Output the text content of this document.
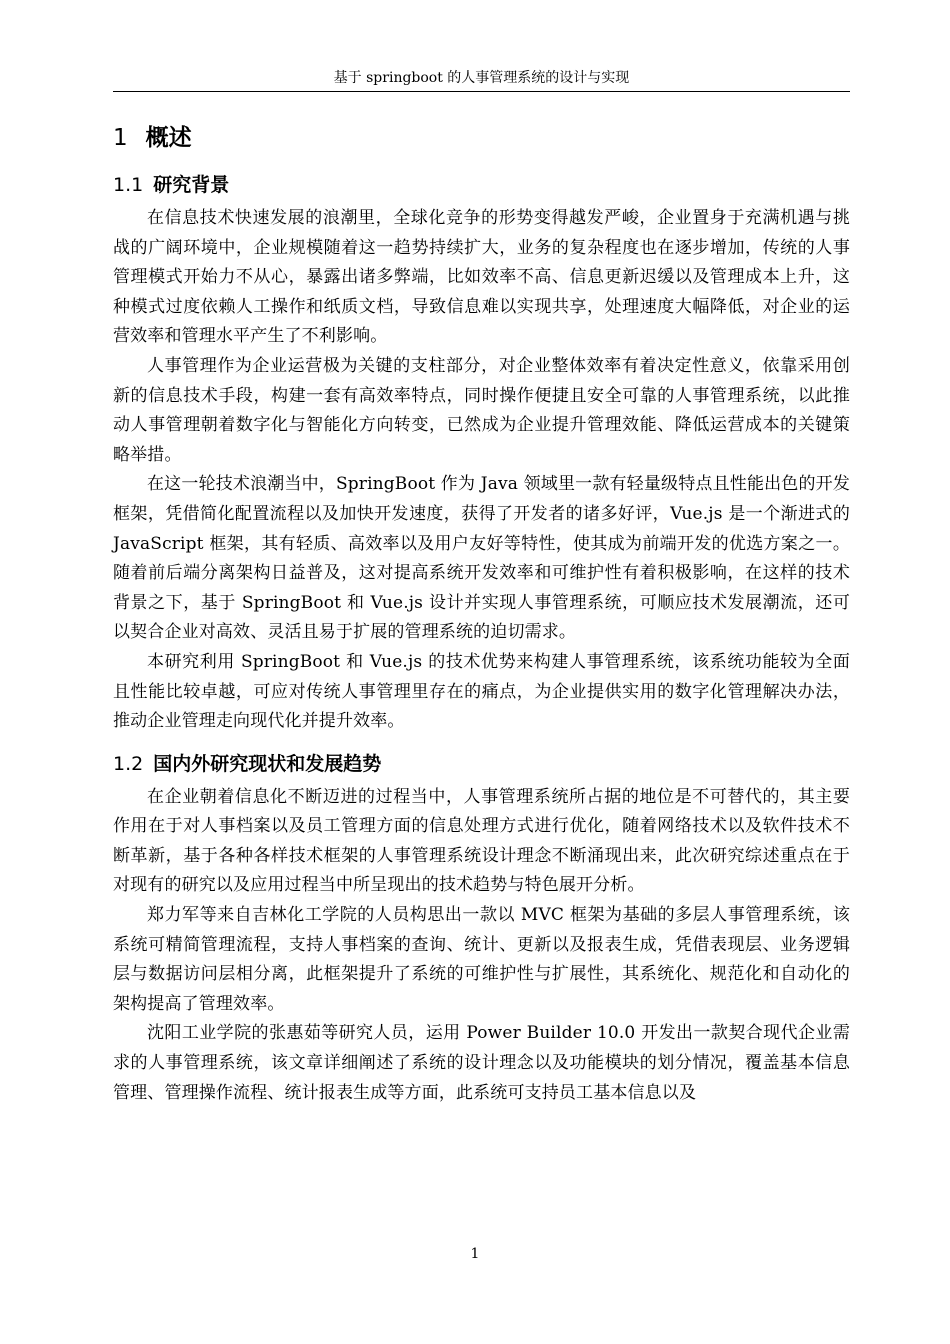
基于 springboot 的人事管理系统的设计与实现
1 概述
1.1 研究背景

在信息技术快速发展的浪潮里，全球化竞争的形势变得越发严峻，企业置身于充满机遇与挑战的广阔环境中，企业规模随着这一趋势持续扩大，业务的复杂程度也在逐步增加，传统的人事管理模式开始力不从心，暴露出诸多弊端，比如效率不高、信息更新迟缓以及管理成本上升，这种模式过度依赖人工操作和纸质文档，导致信息难以实现共享，处理速度大幅降低，对企业的运营效率和管理水平产生了不利影响。

人事管理作为企业运营极为关键的支柱部分，对企业整体效率有着决定性意义，依靠采用创新的信息技术手段，构建一套有高效率特点，同时操作便捷且安全可靠的人事管理系统，以此推动人事管理朝着数字化与智能化方向转变，已然成为企业提升管理效能、降低运营成本的关键策略举措。

在这一轮技术浪潮当中，SpringBoot 作为 Java 领域里一款有轻量级特点且性能出色的开发框架，凭借简化配置流程以及加快开发速度，获得了开发者的诸多好评，Vue.js 是一个渐进式的 JavaScript 框架，其有轻质、高效率以及用户友好等特性，使其成为前端开发的优选方案之一。随着前后端分离架构日益普及，这对提高系统开发效率和可维护性有着积极影响，在这样的技术背景之下，基于 SpringBoot 和 Vue.js 设计并实现人事管理系统，可顺应技术发展潮流，还可以契合企业对高效、灵活且易于扩展的管理系统的迫切需求。

本研究利用 SpringBoot 和 Vue.js 的技术优势来构建人事管理系统，该系统功能较为全面且性能比较卓越，可应对传统人事管理里存在的痛点，为企业提供实用的数字化管理解决办法，推动企业管理走向现代化并提升效率。

1.2 国内外研究现状和发展趋势

在企业朝着信息化不断迈进的过程当中，人事管理系统所占据的地位是不可替代的，其主要作用在于对人事档案以及员工管理方面的信息处理方式进行优化，随着网络技术以及软件技术不断革新，基于各种各样技术框架的人事管理系统设计理念不断涌现出来，此次研究综述重点在于对现有的研究以及应用过程当中所呈现出的技术趋势与特色展开分析。

郑力军等来自吉林化工学院的人员构思出一款以 MVC 框架为基础的多层人事管理系统，该系统可精简管理流程，支持人事档案的查询、统计、更新以及报表生成，凭借表现层、业务逻辑层与数据访问层相分离，此框架提升了系统的可维护性与扩展性，其系统化、规范化和自动化的架构提高了管理效率。

沈阳工业学院的张惠茹等研究人员，运用 Power Builder 10.0 开发出一款契合现代企业需求的人事管理系统，该文章详细阐述了系统的设计理念以及功能模块的划分情况，覆盖基本信息管理、管理操作流程、统计报表生成等方面，此系统可支持员工基本信息以及

1
